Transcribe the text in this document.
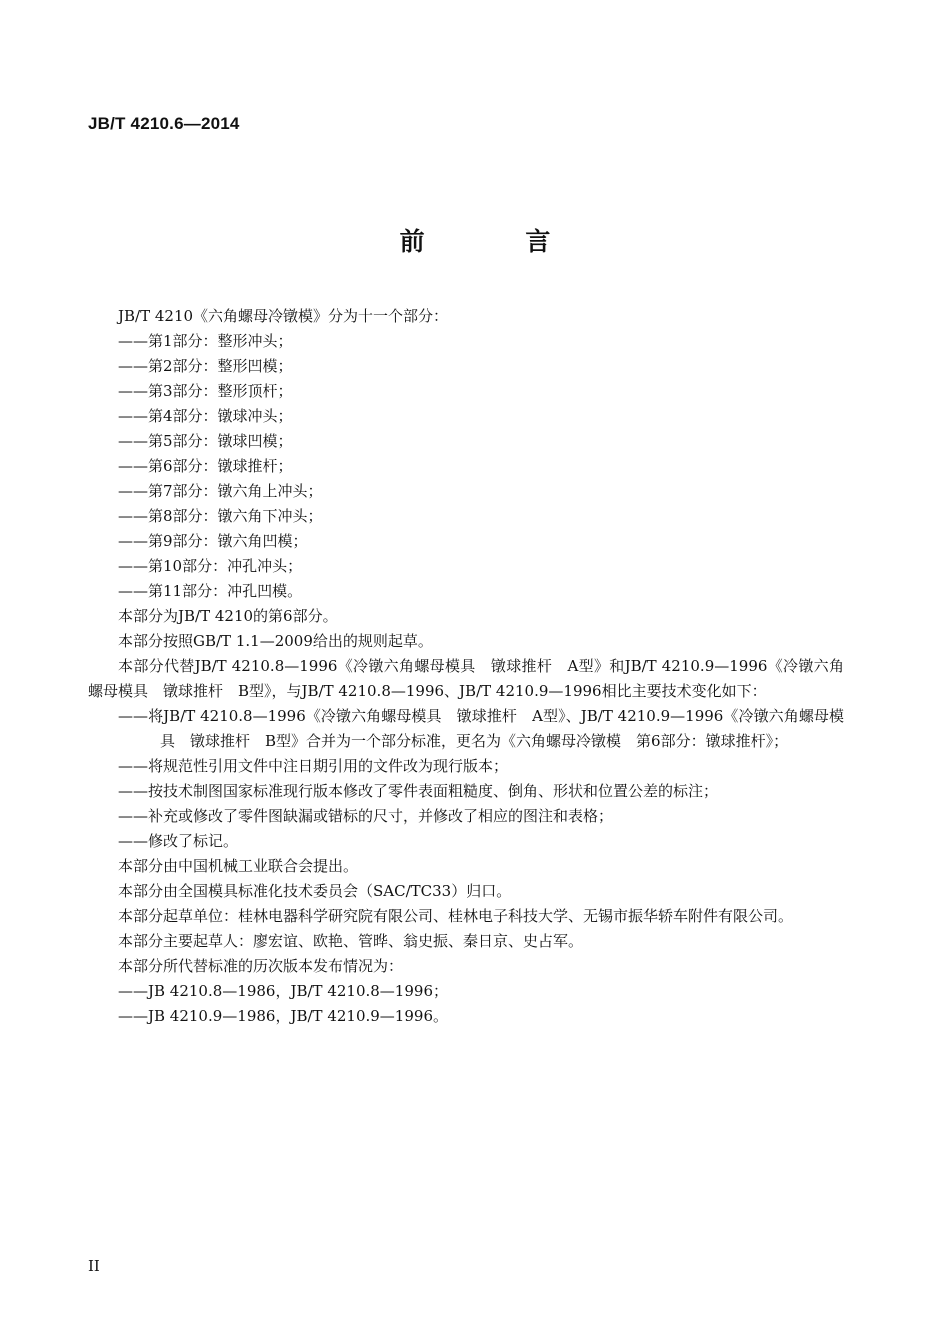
JB/T 4210.6—2014
前 言

JB/T 4210《六角螺母冷镦模》分为十一个部分：

——第1部分：整形冲头；

——第2部分：整形凹模；

——第3部分：整形顶杆；

——第4部分：镦球冲头；

——第5部分：镦球凹模；

——第6部分：镦球推杆；

——第7部分：镦六角上冲头；

——第8部分：镦六角下冲头；

——第9部分：镦六角凹模；

——第10部分：冲孔冲头；

——第11部分：冲孔凹模。

本部分为JB/T 4210的第6部分。

本部分按照GB/T 1.1—2009给出的规则起草。

本部分代替JB/T 4210.8—1996《冷镦六角螺母模具　镦球推杆　A型》和JB/T 4210.9—1996《冷镦六角螺母模具　镦球推杆　B型》，与JB/T 4210.8—1996、JB/T 4210.9—1996相比主要技术变化如下：

——将JB/T 4210.8—1996《冷镦六角螺母模具　镦球推杆　A型》、JB/T 4210.9—1996《冷镦六角螺母模具　镦球推杆　B型》合并为一个部分标准，更名为《六角螺母冷镦模　第6部分：镦球推杆》；

——将规范性引用文件中注日期引用的文件改为现行版本；

——按技术制图国家标准现行版本修改了零件表面粗糙度、倒角、形状和位置公差的标注；

——补充或修改了零件图缺漏或错标的尺寸，并修改了相应的图注和表格；

——修改了标记。

本部分由中国机械工业联合会提出。

本部分由全国模具标准化技术委员会（SAC/TC33）归口。

本部分起草单位：桂林电器科学研究院有限公司、桂林电子科技大学、无锡市振华轿车附件有限公司。

本部分主要起草人：廖宏谊、欧艳、管晔、翁史振、秦日京、史占军。

本部分所代替标准的历次版本发布情况为：

——JB 4210.8—1986，JB/T 4210.8—1996；

——JB 4210.9—1986，JB/T 4210.9—1996。

II
